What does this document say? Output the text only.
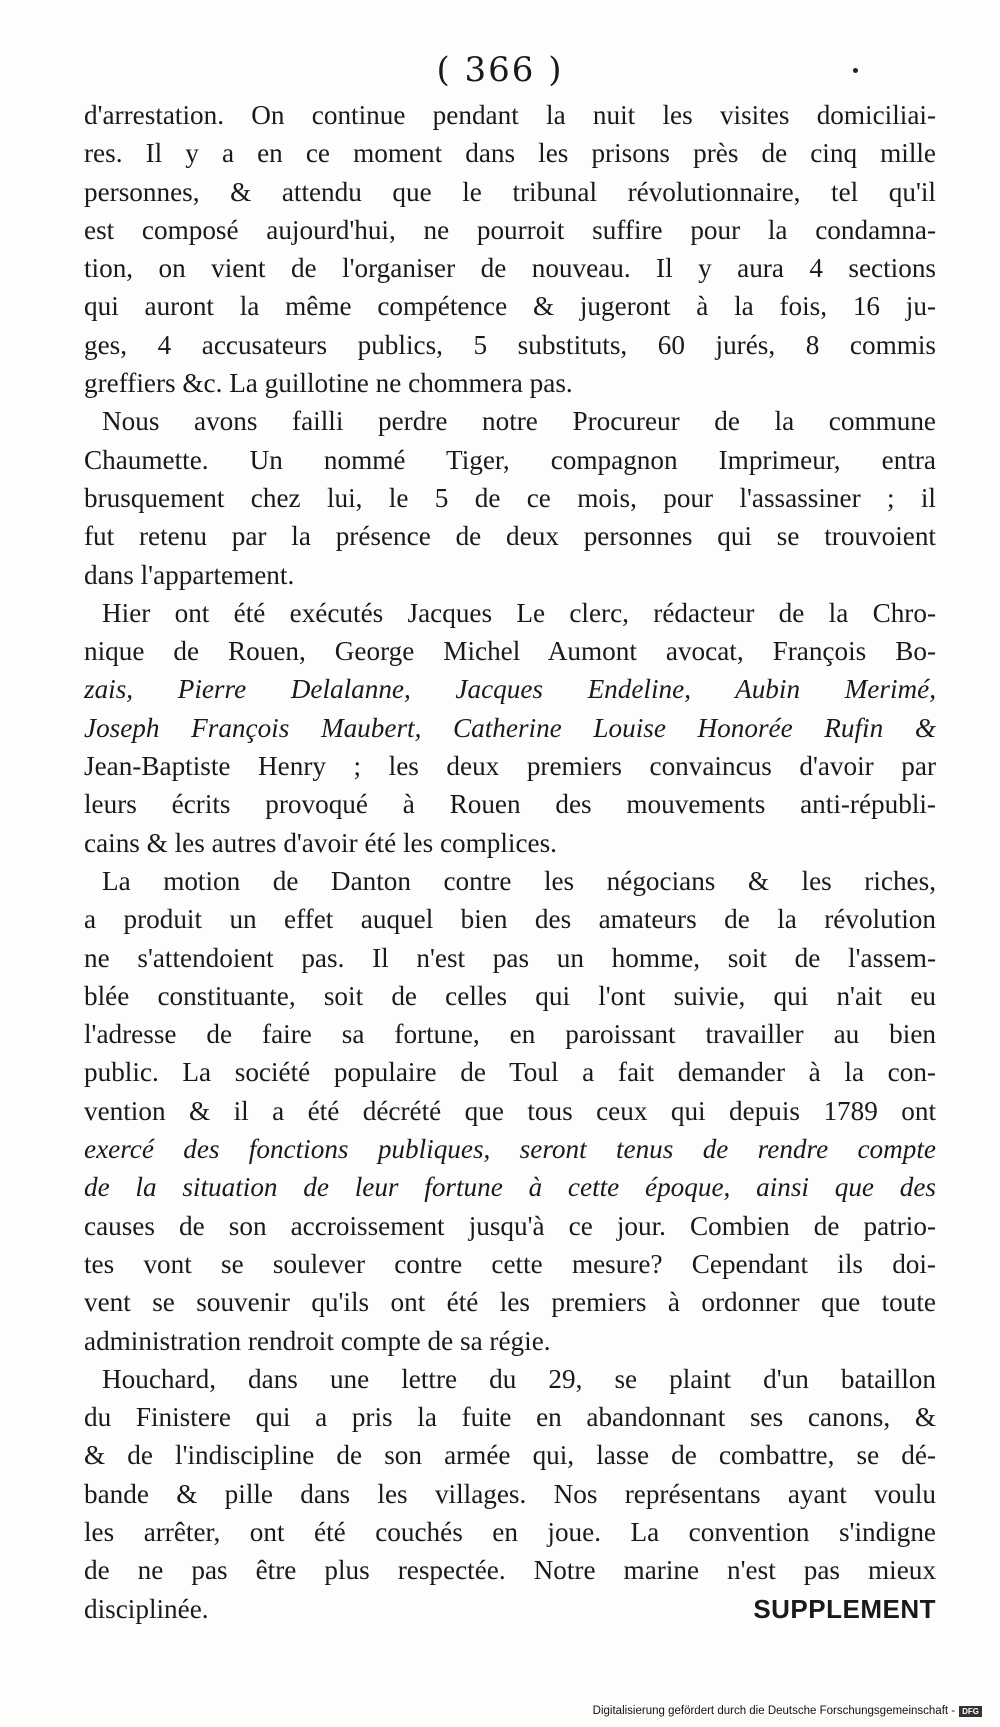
( 366 )
d'arrestation. On continue pendant la nuit les visites domiciliai-
res. Il y a en ce moment dans les prisons près de cinq mille
personnes, & attendu que le tribunal révolutionnaire, tel qu'il
est composé aujourd'hui, ne pourroit suffire pour la condamna-
tion, on vient de l'organiser de nouveau. Il y aura 4 sections
qui auront la même compétence & jugeront à la fois, 16 ju-
ges, 4 accusateurs publics, 5 substituts, 60 jurés, 8 commis
greffiers &c. La guillotine ne chommera pas.
Nous avons failli perdre notre Procureur de la commune
Chaumette. Un nommé Tiger, compagnon Imprimeur, entra
brusquement chez lui, le 5 de ce mois, pour l'assassiner ; il
fut retenu par la présence de deux personnes qui se trouvoient
dans l'appartement.
Hier ont été exécutés Jacques Le clerc, rédacteur de la Chro-
nique de Rouen, George Michel Aumont avocat, François Bo-
zais, Pierre Delalanne, Jacques Endeline, Aubin Merimé,
Joseph François Maubert, Catherine Louise Honorée Rufin &
Jean-Baptiste Henry ; les deux premiers convaincus d'avoir par
leurs écrits provoqué à Rouen des mouvements anti-républi-
cains & les autres d'avoir été les complices.
La motion de Danton contre les négocians & les riches,
a produit un effet auquel bien des amateurs de la révolution
ne s'attendoient pas. Il n'est pas un homme, soit de l'assem-
blée constituante, soit de celles qui l'ont suivie, qui n'ait eu
l'adresse de faire sa fortune, en paroissant travailler au bien
public. La société populaire de Toul a fait demander à la con-
vention & il a été décrété que tous ceux qui depuis 1789 ont
exercé des fonctions publiques, seront tenus de rendre compte
de la situation de leur fortune à cette époque, ainsi que des
causes de son accroissement jusqu'à ce jour. Combien de patrio-
tes vont se soulever contre cette mesure? Cependant ils doi-
vent se souvenir qu'ils ont été les premiers à ordonner que toute
administration rendroit compte de sa régie.
Houchard, dans une lettre du 29, se plaint d'un bataillon
du Finistere qui a pris la fuite en abandonnant ses canons, &
& de l'indiscipline de son armée qui, lasse de combattre, se dé-
bande & pille dans les villages. Nos représentans ayant voulu
les arrêter, ont été couchés en joue. La convention s'indigne
de ne pas être plus respectée. Notre marine n'est pas mieux
disciplinée.	SUPPLEMENT
Digitalisierung gefördert durch die Deutsche Forschungsgemeinschaft - DFG
